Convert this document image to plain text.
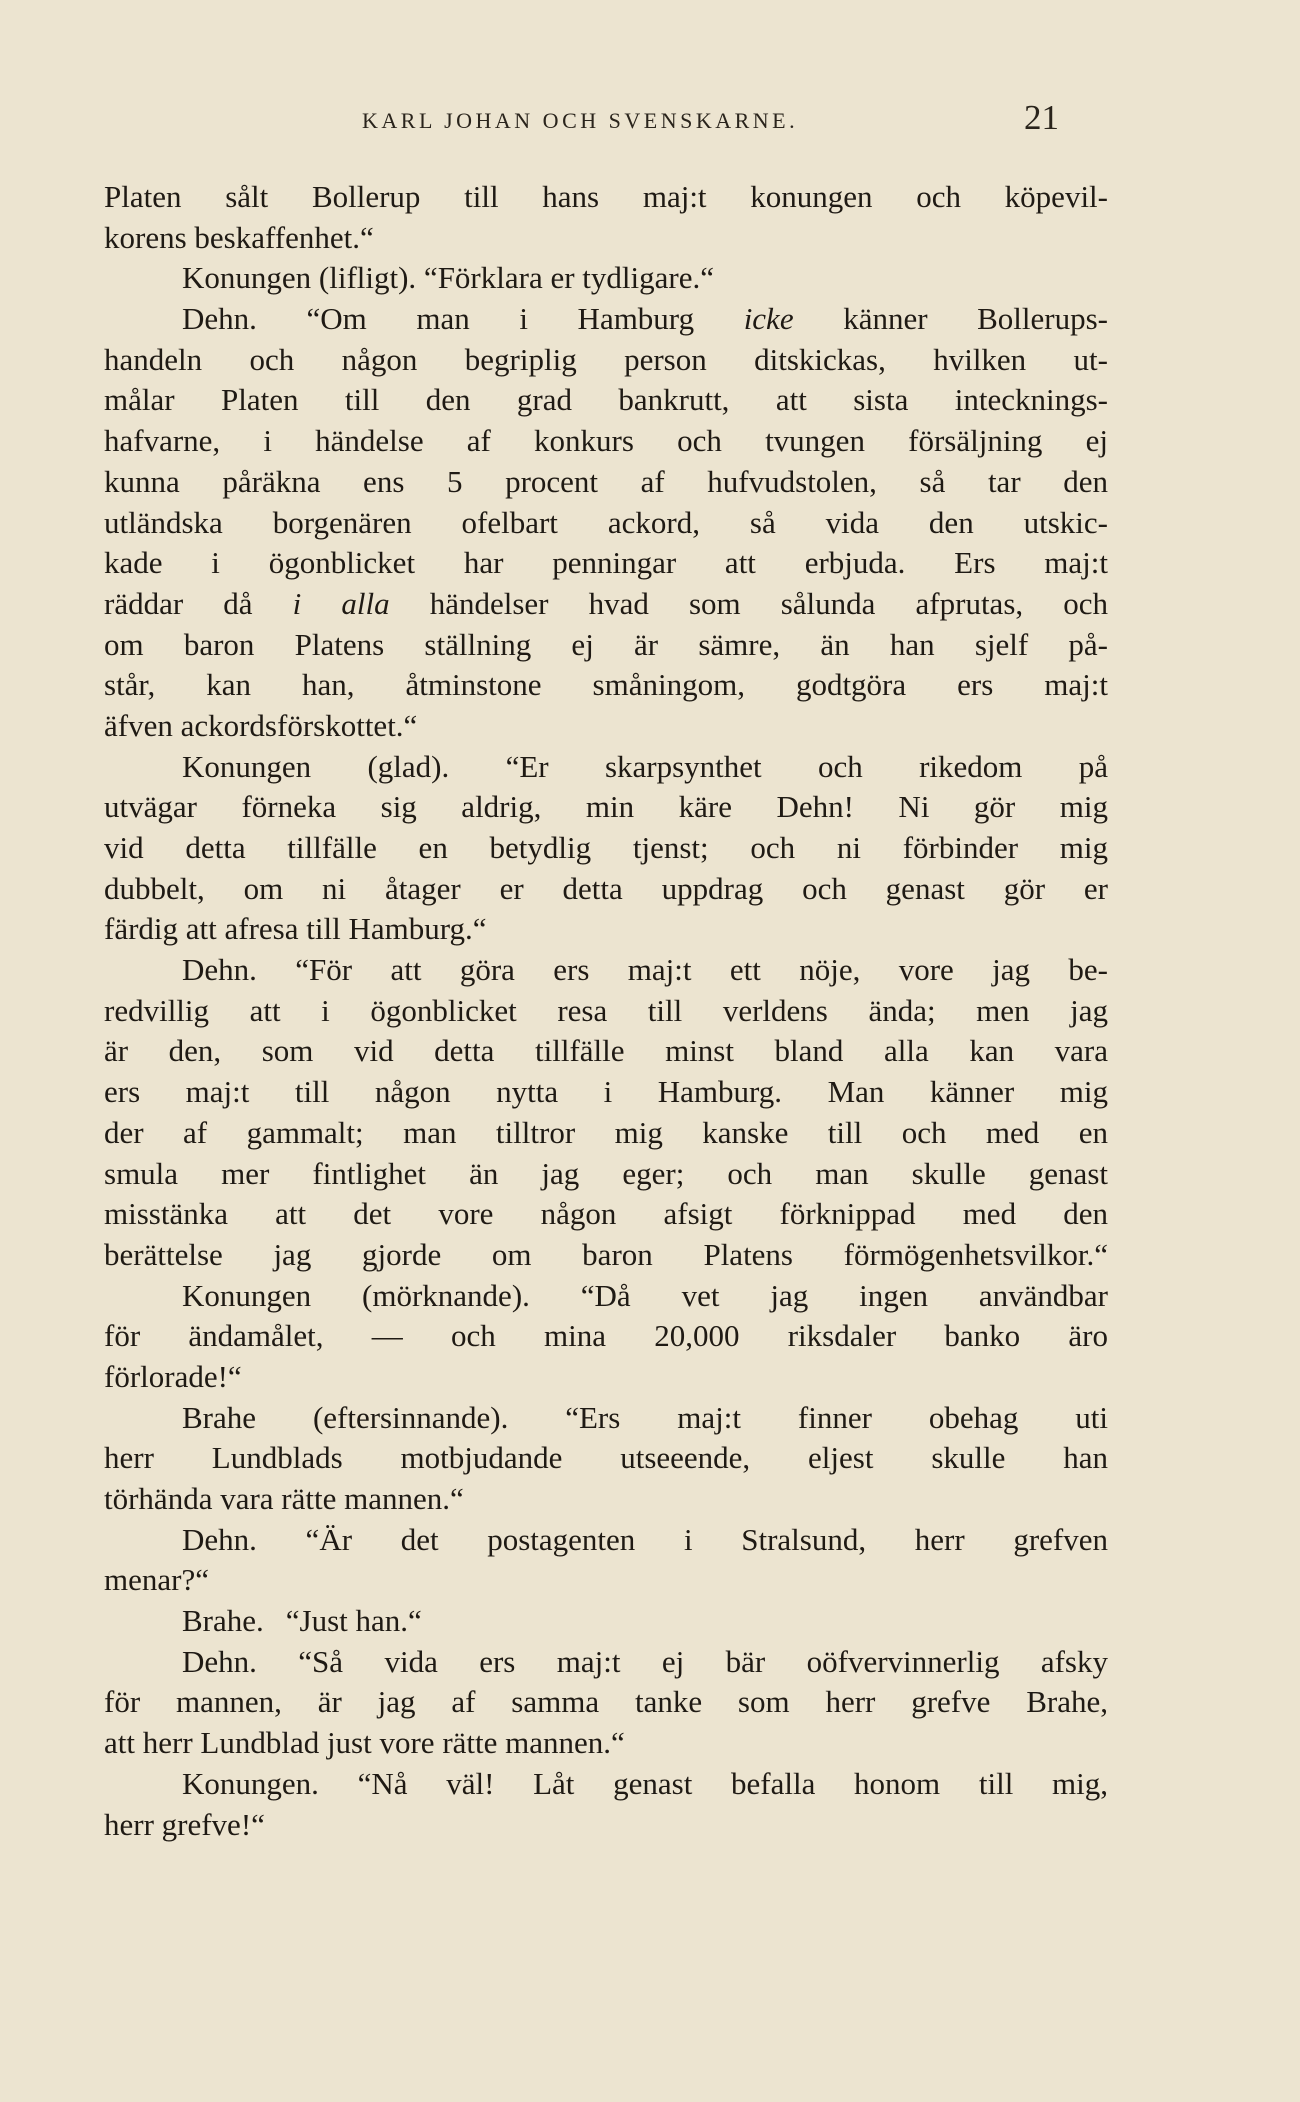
KARL JOHAN OCH SVENSKARNE.	21
Platen sålt Bollerup till hans maj:t konungen och köpevil-
korens beskaffenhet.“
Konungen (lifligt). “Förklara er tydligare.“
Dehn. “Om man i Hamburg icke känner Bollerups-
handeln och någon begriplig person ditskickas, hvilken ut-
målar Platen till den grad bankrutt, att sista intecknings-
hafvarne, i händelse af konkurs och tvungen försäljning ej
kunna påräkna ens 5 procent af hufvudstolen, så tar den
utländska borgenären ofelbart ackord, så vida den utskic-
kade i ögonblicket har penningar att erbjuda. Ers maj:t
räddar då i alla händelser hvad som sålunda afprutas, och
om baron Platens ställning ej är sämre, än han sjelf på-
står, kan han, åtminstone småningom, godtgöra ers maj:t
äfven ackordsförskottet.“
Konungen (glad). “Er skarpsynthet och rikedom på
utvägar förneka sig aldrig, min käre Dehn! Ni gör mig
vid detta tillfälle en betydlig tjenst; och ni förbinder mig
dubbelt, om ni åtager er detta uppdrag och genast gör er
färdig att afresa till Hamburg.“
Dehn. “För att göra ers maj:t ett nöje, vore jag be-
redvillig att i ögonblicket resa till verldens ända; men jag
är den, som vid detta tillfälle minst bland alla kan vara
ers maj:t till någon nytta i Hamburg. Man känner mig
der af gammalt; man tilltror mig kanske till och med en
smula mer fintlighet än jag eger; och man skulle genast
misstänka att det vore någon afsigt förknippad med den
berättelse jag gjorde om baron Platens förmögenhetsvilkor.“
Konungen (mörknande). “Då vet jag ingen användbar
för ändamålet, — och mina 20,000 riksdaler banko äro
förlorade!“
Brahe (eftersinnande). “Ers maj:t finner obehag uti
herr Lundblads motbjudande utseeende, eljest skulle han
törhända vara rätte mannen.“
Dehn. “Är det postagenten i Stralsund, herr grefven
menar?“
Brahe. “Just han.“
Dehn. “Så vida ers maj:t ej bär oöfvervinnerlig afsky
för mannen, är jag af samma tanke som herr grefve Brahe,
att herr Lundblad just vore rätte mannen.“
Konungen. “Nå väl! Låt genast befalla honom till mig,
herr grefve!“
